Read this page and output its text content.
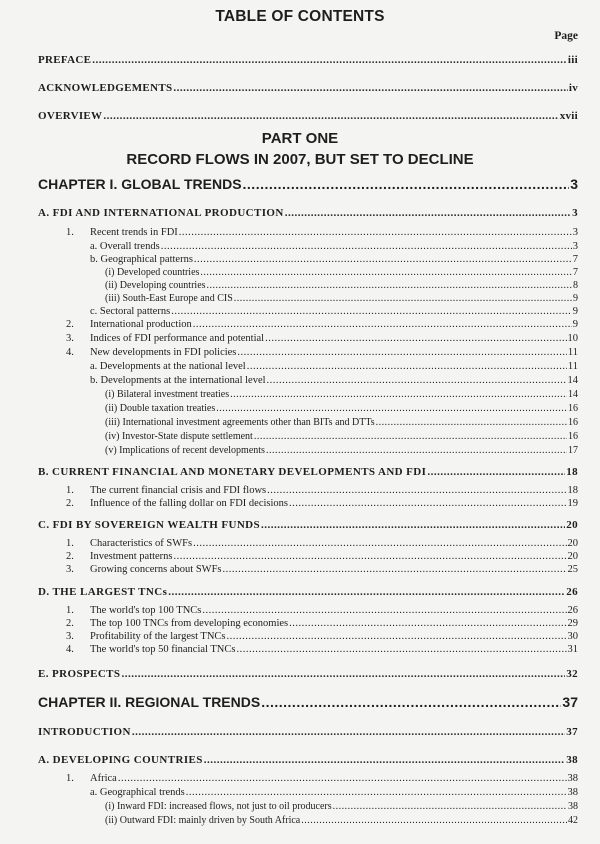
TABLE OF CONTENTS
Page
PREFACE .....	iii
ACKNOWLEDGEMENTS .....	iv
OVERVIEW .....	xvii
PART ONE
RECORD FLOWS IN 2007, BUT SET TO DECLINE
CHAPTER I. GLOBAL TRENDS .....	3
A. FDI AND INTERNATIONAL PRODUCTION .....	3
1. Recent trends in FDI .....	3
a. Overall trends .....	3
b. Geographical patterns .....	7
(i) Developed countries .....	7
(ii) Developing countries .....	8
(iii) South-East Europe and CIS .....	9
c. Sectoral patterns .....	9
2. International production .....	9
3. Indices of FDI performance and potential .....	10
4. New developments in FDI policies .....	11
a. Developments at the national level .....	11
b. Developments at the international level .....	14
(i) Bilateral investment treaties .....	14
(ii) Double taxation treaties .....	16
(iii) International investment agreements other than BITs and DTTs .....	16
(iv) Investor-State dispute settlement .....	16
(v) Implications of recent developments .....	17
B. CURRENT FINANCIAL AND MONETARY DEVELOPMENTS AND FDI .....	18
1. The current financial crisis and FDI flows .....	18
2. Influence of the falling dollar on FDI decisions .....	19
C. FDI BY SOVEREIGN WEALTH FUNDS .....	20
1. Characteristics of SWFs .....	20
2. Investment patterns .....	20
3. Growing concerns about SWFs .....	25
D. THE LARGEST TNCs .....	26
1. The world's top 100 TNCs .....	26
2. The top 100 TNCs from developing economies .....	29
3. Profitability of the largest TNCs .....	30
4. The world's top 50 financial TNCs .....	31
E. PROSPECTS .....	32
CHAPTER II. REGIONAL TRENDS .....	37
INTRODUCTION .....	37
A. DEVELOPING COUNTRIES .....	38
1. Africa .....	38
a. Geographical trends .....	38
(i) Inward FDI: increased flows, not just to oil producers .....	38
(ii) Outward FDI: mainly driven by South Africa .....	42
